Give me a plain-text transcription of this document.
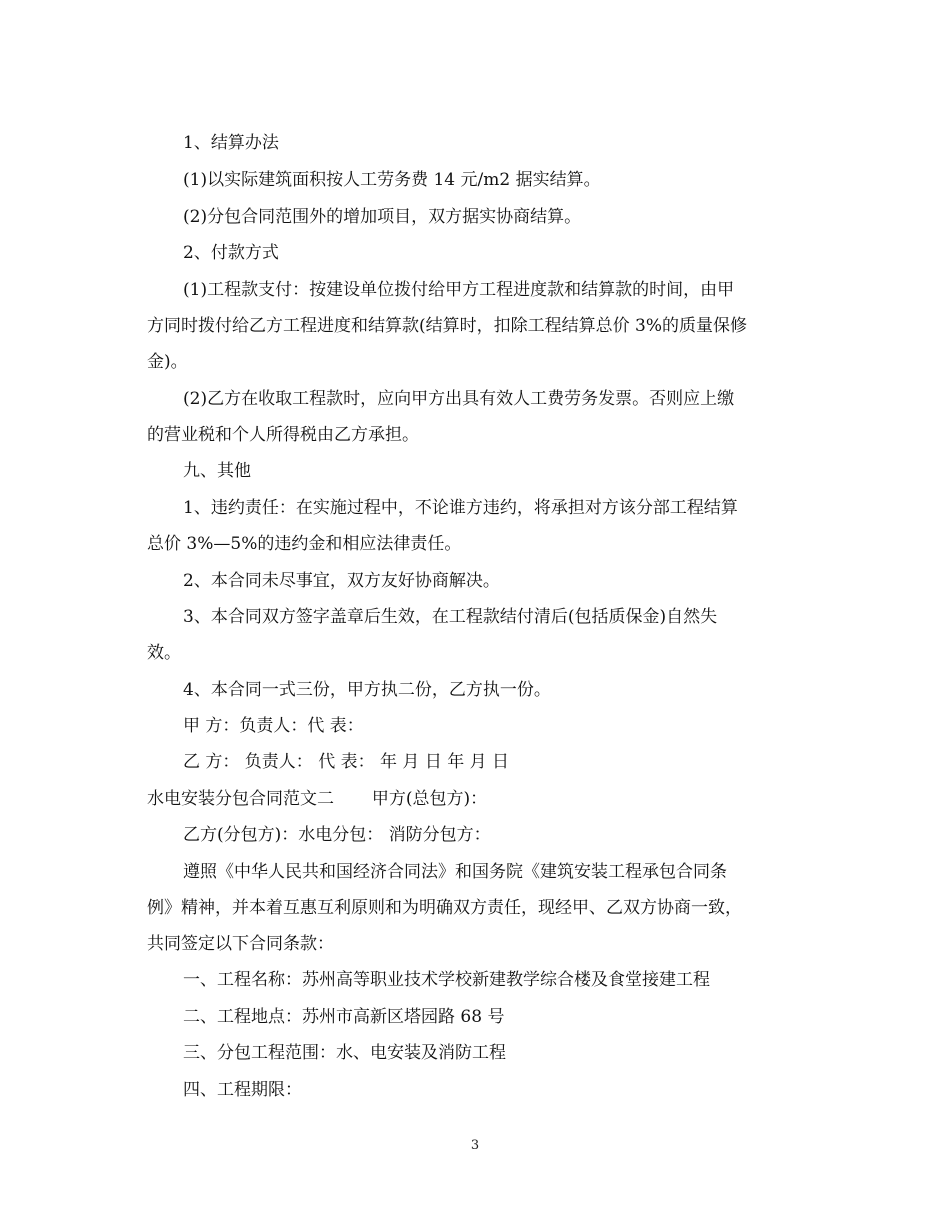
1、结算办法
(1)以实际建筑面积按人工劳务费 14 元/m2 据实结算。
(2)分包合同范围外的增加项目，双方据实协商结算。
2、付款方式
(1)工程款支付：按建设单位拨付给甲方工程进度款和结算款的时间，由甲
方同时拨付给乙方工程进度和结算款(结算时，扣除工程结算总价 3%的质量保修
金)。
(2)乙方在收取工程款时，应向甲方出具有效人工费劳务发票。否则应上缴
的营业税和个人所得税由乙方承担。
九、其他
1、违约责任：在实施过程中，不论谁方违约，将承担对方该分部工程结算
总价 3%—5%的违约金和相应法律责任。
2、本合同未尽事宜，双方友好协商解决。
3、本合同双方签字盖章后生效，在工程款结付清后(包括质保金)自然失
效。
4、本合同一式三份，甲方执二份，乙方执一份。
甲 方：负责人：代 表：
乙 方： 负责人： 代 表： 年 月 日 年 月 日
水电安装分包合同范文二       甲方(总包方)：
乙方(分包方)：水电分包： 消防分包方：
遵照《中华人民共和国经济合同法》和国务院《建筑安装工程承包合同条
例》精神，并本着互惠互利原则和为明确双方责任，现经甲、乙双方协商一致，
共同签定以下合同条款：
一、工程名称：苏州高等职业技术学校新建教学综合楼及食堂接建工程
二、工程地点：苏州市高新区塔园路 68 号
三、分包工程范围：水、电安装及消防工程
四、工程期限：
3
